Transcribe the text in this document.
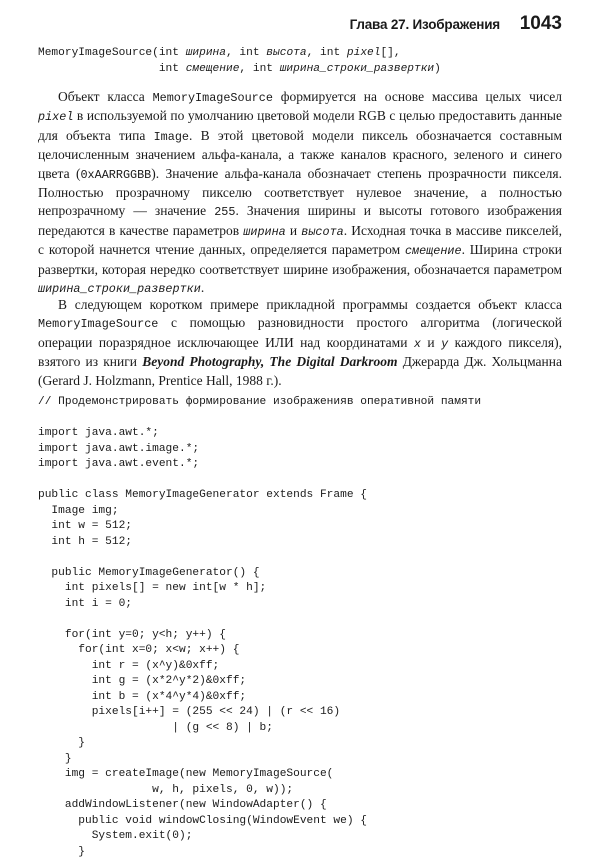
Глава 27. Изображения 1043
MemoryImageSource(int ширина, int высота, int pixel[],
int смещение, int ширина_строки_развертки)

Объект класса MemoryImageSource формируется на основе массива целых чисел pixel в используемой по умолчанию цветовой модели RGB с целью предоставить данные для объекта типа Image. В этой цветовой модели пиксель обозначается составным целочисленным значением альфа-канала, а также каналов красного, зеленого и синего цвета (0xAARRGGBB). Значение альфа-канала обозначает степень прозрачности пикселя. Полностью прозрачному пикселю соответствует нулевое значение, а полностью непрозрачному — значение 255. Значения ширины и высоты готового изображения передаются в качестве параметров ширина и высота. Исходная точка в массиве пикселей, с которой начнется чтение данных, определяется параметром смещение. Ширина строки развертки, которая нередко соответствует ширине изображения, обозначается параметром ширина_строки_развертки.

В следующем коротком примере прикладной программы создается объект класса MemoryImageSource с помощью разновидности простого алгоритма (логической операции поразрядное исключающее ИЛИ над координатами x и y каждого пикселя), взятого из книги Beyond Photography, The Digital Darkroom Джерарда Дж. Хольцманна (Gerard J. Holzmann, Prentice Hall, 1988 г.).

// Продемонстрировать формирование изображенияв оперативной памяти

import java.awt.*;
import java.awt.image.*;
import java.awt.event.*;

public class MemoryImageGenerator extends Frame {
Image img;
int w = 512;
int h = 512;

public MemoryImageGenerator() {
int pixels[] = new int[w * h];
int i = 0;

for(int y=0; y<h; y++) {
for(int x=0; x<w; x++) {
int r = (x^y)&0xff;
int g = (x*2^y*2)&0xff;
int b = (x*4^y*4)&0xff;
pixels[i++] = (255 << 24) | (r << 16)
| (g << 8) | b;
}
}
img = createImage(new MemoryImageSource(
w, h, pixels, 0, w));
addWindowListener(new WindowAdapter() {
public void windowClosing(WindowEvent we) {
System.exit(0);
}
